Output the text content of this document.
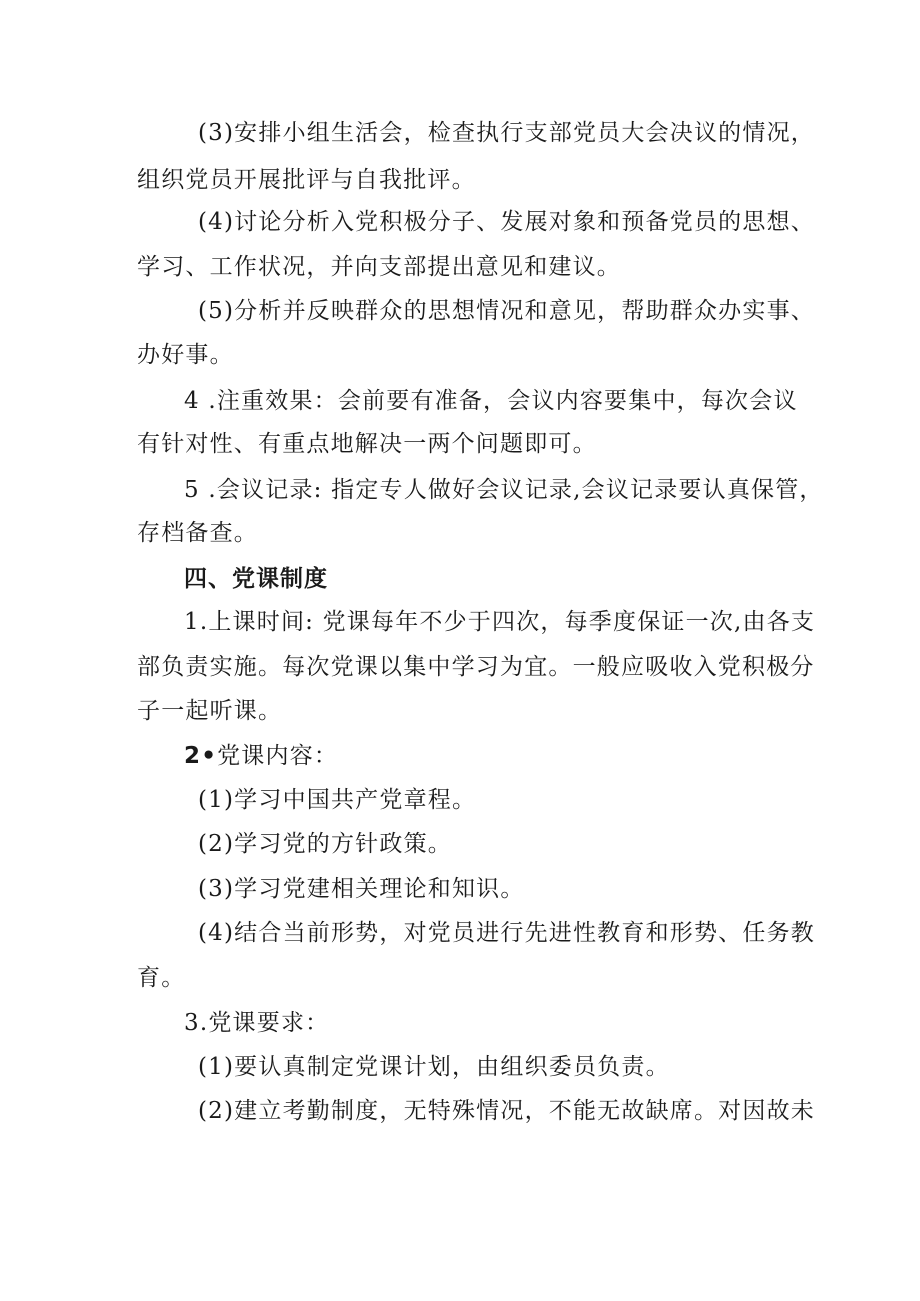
(3)安排小组生活会，检查执行支部党员大会决议的情况，
组织党员开展批评与自我批评。
(4)讨论分析入党积极分子、发展对象和预备党员的思想、
学习、工作状况，并向支部提出意见和建议。
(5)分析并反映群众的思想情况和意见，帮助群众办实事、
办好事。
4 .注重效果：会前要有准备，会议内容要集中，每次会议
有针对性、有重点地解决一两个问题即可。
5 .会议记录: 指定专人做好会议记录,会议记录要认真保管，
存档备查。
四、党课制度
1.上课时间: 党课每年不少于四次，每季度保证一次,由各支
部负责实施。每次党课以集中学习为宜。一般应吸收入党积极分
子一起听课。
2•党课内容：
(1)学习中国共产党章程。
(2)学习党的方针政策。
(3)学习党建相关理论和知识。
(4)结合当前形势，对党员进行先进性教育和形势、任务教
育。
3.党课要求：
(1)要认真制定党课计划，由组织委员负责。
(2)建立考勤制度，无特殊情况，不能无故缺席。对因故未
